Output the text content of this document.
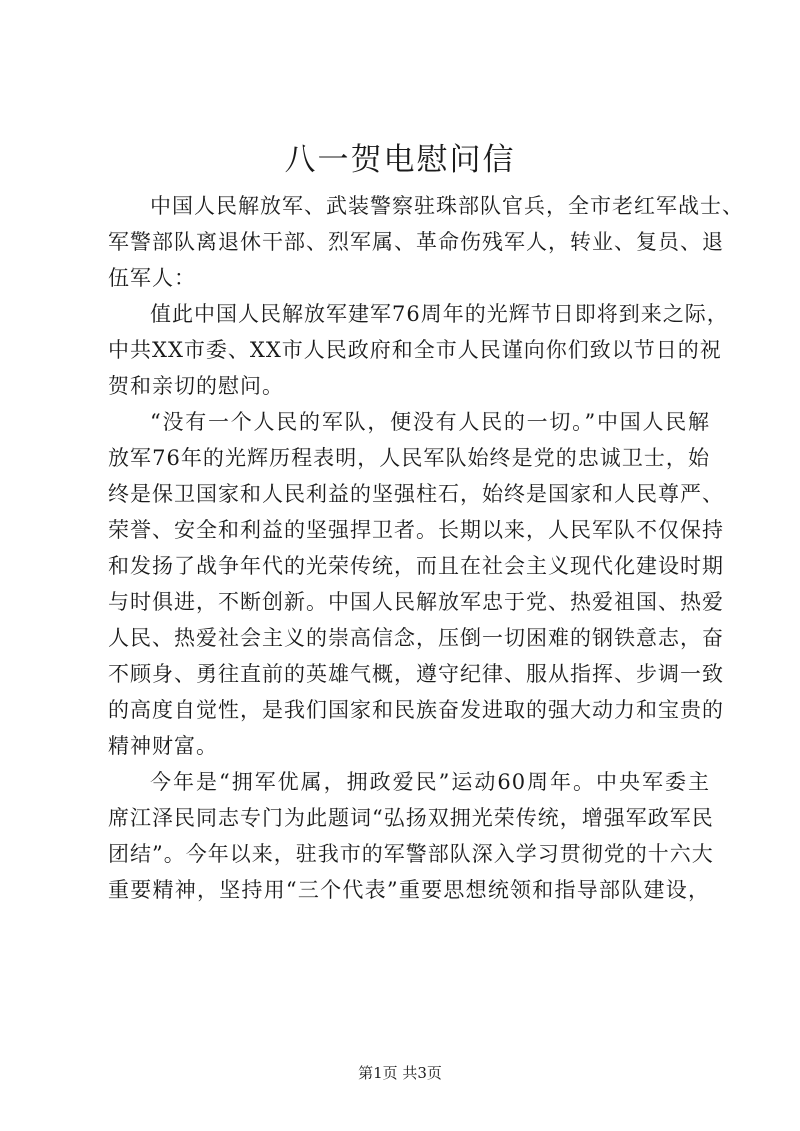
八一贺电慰问信
中国人民解放军、武装警察驻珠部队官兵，全市老红军战士、
军警部队离退休干部、烈军属、革命伤残军人，转业、复员、退
伍军人：
值此中国人民解放军建军76周年的光辉节日即将到来之际，
中共XX市委、XX市人民政府和全市人民谨向你们致以节日的祝
贺和亲切的慰问。
“没有一个人民的军队，便没有人民的一切。”中国人民解
放军76年的光辉历程表明，人民军队始终是党的忠诚卫士，始
终是保卫国家和人民利益的坚强柱石，始终是国家和人民尊严、
荣誉、安全和利益的坚强捍卫者。长期以来，人民军队不仅保持
和发扬了战争年代的光荣传统，而且在社会主义现代化建设时期
与时俱进，不断创新。中国人民解放军忠于党、热爱祖国、热爱
人民、热爱社会主义的崇高信念，压倒一切困难的钢铁意志，奋
不顾身、勇往直前的英雄气概，遵守纪律、服从指挥、步调一致
的高度自觉性，是我们国家和民族奋发进取的强大动力和宝贵的
精神财富。
今年是“拥军优属，拥政爱民”运动60周年。中央军委主
席江泽民同志专门为此题词“弘扬双拥光荣传统，增强军政军民
团结”。今年以来，驻我市的军警部队深入学习贯彻党的十六大
重要精神，坚持用“三个代表”重要思想统领和指导部队建设，
第1页 共3页
